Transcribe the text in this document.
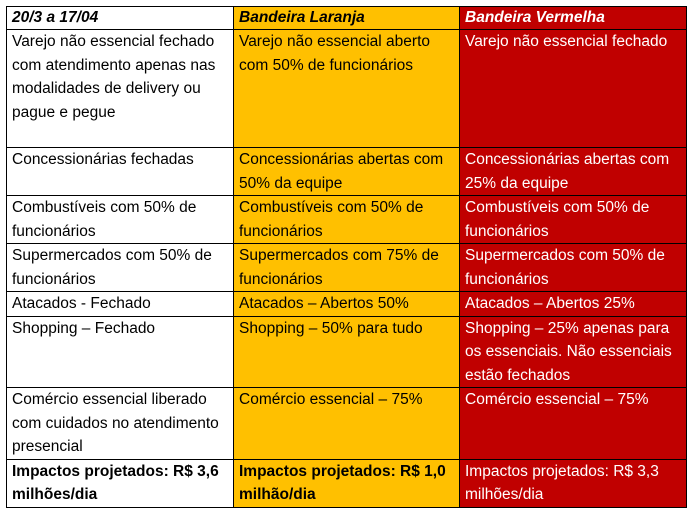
20/3 a 17/04	Bandeira Laranja	Bandeira Vermelha
Varejo não essencial fechado com atendimento apenas nas modalidades de delivery ou pague e pegue	Varejo não essencial aberto com 50% de funcionários	Varejo não essencial fechado
Concessionárias fechadas	Concessionárias abertas com 50% da equipe	Concessionárias abertas com 25% da equipe
Combustíveis com 50% de funcionários	Combustíveis com 50% de funcionários	Combustíveis com 50% de funcionários
Supermercados com 50% de funcionários	Supermercados com 75% de funcionários	Supermercados com 50% de funcionários
Atacados - Fechado	Atacados – Abertos 50%	Atacados – Abertos 25%
Shopping – Fechado	Shopping – 50% para tudo	Shopping – 25% apenas para os essenciais. Não essenciais estão fechados
Comércio essencial liberado com cuidados no atendimento presencial	Comércio essencial – 75%	Comércio essencial – 75%
Impactos projetados: R$ 3,6 milhões/dia	Impactos projetados: R$ 1,0 milhão/dia	Impactos projetados: R$ 3,3 milhões/dia
